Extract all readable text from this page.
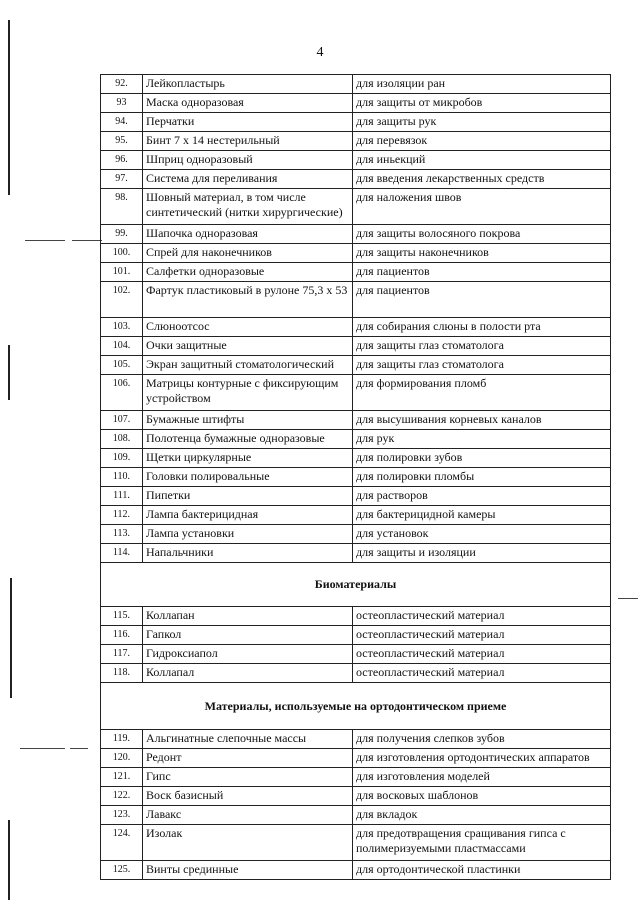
4
92.	Лейкопластырь	для изоляции ран
93	Маска одноразовая	для защиты от микробов
94.	Перчатки	для защиты рук
95.	Бинт 7 х 14 нестерильный	для перевязок
96.	Шприц одноразовый	для иньекций
97.	Система для переливания	для введения лекарственных средств
98.	Шовный материал, в том числе синтетический (нитки хирургические)	для наложения швов
99.	Шапочка одноразовая	для защиты волосяного покрова
100.	Спрей для наконечников	для защиты наконечников
101.	Салфетки одноразовые	для пациентов
102.	Фартук пластиковый в рулоне 75,3 х 53	для пациентов
103.	Слюноотсос	для собирания слюны в полости рта
104.	Очки защитные	для защиты глаз стоматолога
105.	Экран защитный стоматологический	для защиты глаз стоматолога
106.	Матрицы контурные с фиксирующим устройством	для формирования пломб
107.	Бумажные штифты	для высушивания корневых каналов
108.	Полотенца бумажные одноразовые	для рук
109.	Щетки циркулярные	для полировки зубов
110.	Головки полировальные	для полировки пломбы
111.	Пипетки	для растворов
112.	Лампа бактерицидная	для бактерицидной камеры
113.	Лампа установки	для установок
114.	Напальчники	для защиты и изоляции
Биоматериалы		
115.	Коллапан	остеопластический материал
116.	Гапкол	остеопластический материал
117.	Гидроксиапол	остеопластический материал
118.	Коллапал	остеопластический материал
Материалы, используемые на ортодонтическом приеме		
119.	Альгинатные слепочные массы	для получения слепков зубов
120.	Редонт	для изготовления ортодонтических аппаратов
121.	Гипс	для изготовления моделей
122.	Воск базисный	для восковых шаблонов
123.	Лавакс	для вкладок
124.	Изолак	для предотвращения сращивания гипса с полимеризуемыми пластмассами
125.	Винты срединные	для ортодонтической пластинки
